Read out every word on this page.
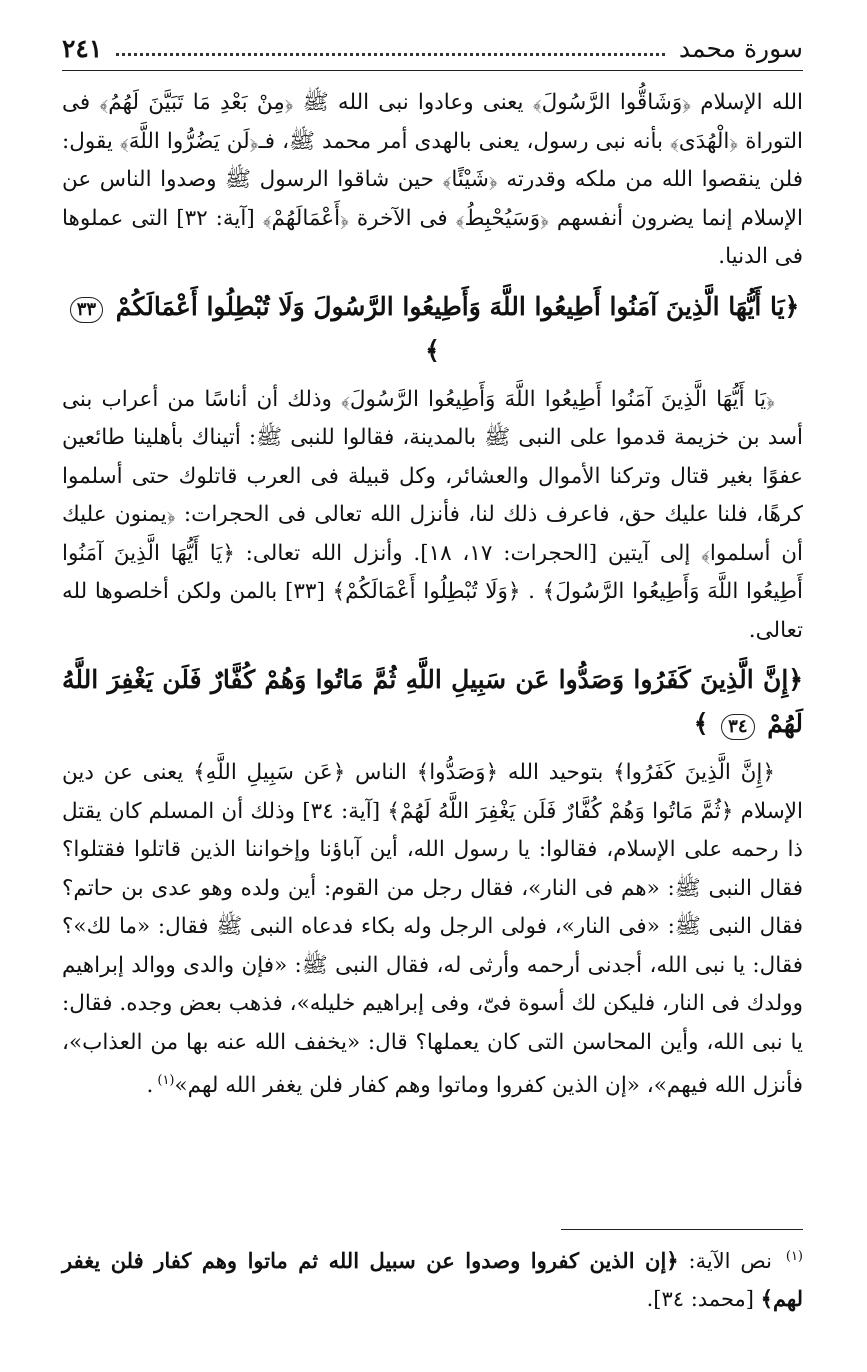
سورة محمد
٢٤١

الله الإسلام ﴿وَشَاقُّوا الرَّسُولَ﴾ يعنى وعادوا نبى الله ﷺ ﴿مِنْ بَعْدِ مَا تَبَيَّنَ لَهُمُ﴾ فى التوراة ﴿الْهُدَى﴾ بأنه نبى رسول، يعنى بالهدى أمر محمد ﷺ، فـ﴿لَن يَضُرُّوا اللَّهَ﴾ يقول: فلن ينقصوا الله من ملكه وقدرته ﴿شَيْئًا﴾ حين شاقوا الرسول ﷺ وصدوا الناس عن الإسلام إنما يضرون أنفسهم ﴿وَسَيُحْبِطُ﴾ فى الآخرة ﴿أَعْمَالَهُمْ﴾ [آية: ٣٢] التى عملوها فى الدنيا.

﴿يَا أَيُّهَا الَّذِينَ آمَنُوا أَطِيعُوا اللَّهَ وَأَطِيعُوا الرَّسُولَ وَلَا تُبْطِلُوا أَعْمَالَكُمْ ٣٣ ﴾

﴿يَا أَيُّهَا الَّذِينَ آمَنُوا أَطِيعُوا اللَّهَ وَأَطِيعُوا الرَّسُولَ﴾ وذلك أن أناسًا من أعراب بنى أسد بن خزيمة قدموا على النبى ﷺ بالمدينة، فقالوا للنبى ﷺ: أتيناك بأهلينا طائعين عفوًا بغير قتال وتركنا الأموال والعشائر، وكل قبيلة فى العرب قاتلوك حتى أسلموا كرهًا، فلنا عليك حق، فاعرف ذلك لنا، فأنزل الله تعالى فى الحجرات: ﴿يمنون عليك أن أسلموا﴾ إلى آيتين [الحجرات: ١٧، ١٨]. وأنزل الله تعالى: ﴿يَا أَيُّهَا الَّذِينَ آمَنُوا أَطِيعُوا اللَّهَ وَأَطِيعُوا الرَّسُولَ﴾ . ﴿وَلَا تُبْطِلُوا أَعْمَالَكُمْ﴾ [٣٣] بالمن ولكن أخلصوها لله تعالى.

﴿إِنَّ الَّذِينَ كَفَرُوا وَصَدُّوا عَن سَبِيلِ اللَّهِ ثُمَّ مَاتُوا وَهُمْ كُفَّارٌ فَلَن يَغْفِرَ اللَّهُ لَهُمْ ٣٤ ﴾

﴿إِنَّ الَّذِينَ كَفَرُوا﴾ بتوحيد الله ﴿وَصَدُّوا﴾ الناس ﴿عَن سَبِيلِ اللَّهِ﴾ يعنى عن دين الإسلام ﴿ثُمَّ مَاتُوا وَهُمْ كُفَّارٌ فَلَن يَغْفِرَ اللَّهُ لَهُمْ﴾ [آية: ٣٤] وذلك أن المسلم كان يقتل ذا رحمه على الإسلام، فقالوا: يا رسول الله، أين آباؤنا وإخواننا الذين قاتلوا فقتلوا؟ فقال النبى ﷺ: «هم فى النار»، فقال رجل من القوم: أين ولده وهو عدى بن حاتم؟ فقال النبى ﷺ: «فى النار»، فولى الرجل وله بكاء فدعاه النبى ﷺ فقال: «ما لك»؟ فقال: يا نبى الله، أجدنى أرحمه وأرثى له، فقال النبى ﷺ: «فإن والدى ووالد إبراهيم وولدك فى النار، فليكن لك أسوة فىّ، وفى إبراهيم خليله»، فذهب بعض وجده. فقال: يا نبى الله، وأين المحاسن التى كان يعملها؟ قال: «يخفف الله عنه بها من العذاب»، فأنزل الله فيهم»، «إن الذين كفروا وماتوا وهم كفار فلن يغفر الله لهم»$^{(١)}$.

$^{(١)}$ نص الآية: ﴿إن الذين كفروا وصدوا عن سبيل الله ثم ماتوا وهم كفار فلن يغفر لهم﴾ [محمد: ٣٤].
